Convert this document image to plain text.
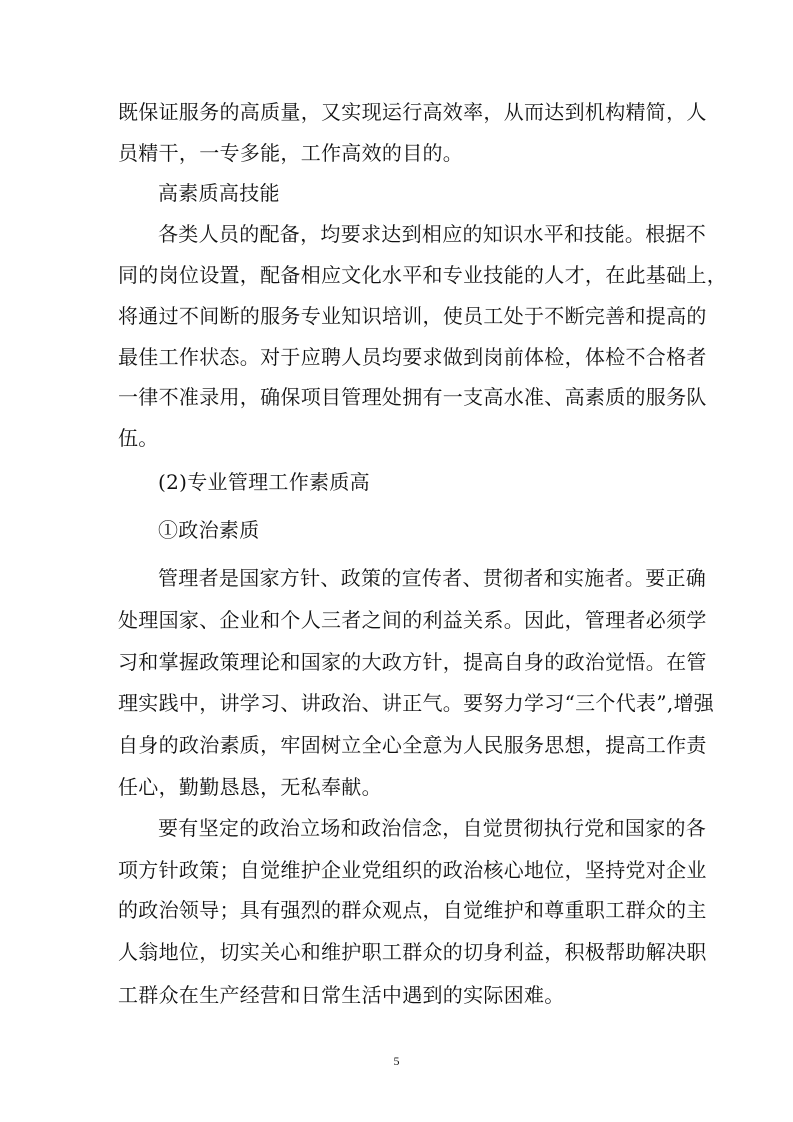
既保证服务的高质量，又实现运行高效率，从而达到机构精简，人
员精干，一专多能，工作高效的目的。
高素质高技能
各类人员的配备，均要求达到相应的知识水平和技能。根据不
同的岗位设置，配备相应文化水平和专业技能的人才，在此基础上，
将通过不间断的服务专业知识培训，使员工处于不断完善和提高的
最佳工作状态。对于应聘人员均要求做到岗前体检，体检不合格者
一律不准录用，确保项目管理处拥有一支高水准、高素质的服务队
伍。
(2)专业管理工作素质高
①政治素质
管理者是国家方针、政策的宣传者、贯彻者和实施者。要正确
处理国家、企业和个人三者之间的利益关系。因此，管理者必须学
习和掌握政策理论和国家的大政方针，提高自身的政治觉悟。在管
理实践中，讲学习、讲政治、讲正气。要努力学习“三个代表”,增强
自身的政治素质，牢固树立全心全意为人民服务思想，提高工作责
任心，勤勤恳恳，无私奉献。
要有坚定的政治立场和政治信念，自觉贯彻执行党和国家的各
项方针政策；自觉维护企业党组织的政治核心地位，坚持党对企业
的政治领导；具有强烈的群众观点，自觉维护和尊重职工群众的主
人翁地位，切实关心和维护职工群众的切身利益，积极帮助解决职
工群众在生产经营和日常生活中遇到的实际困难。
5
